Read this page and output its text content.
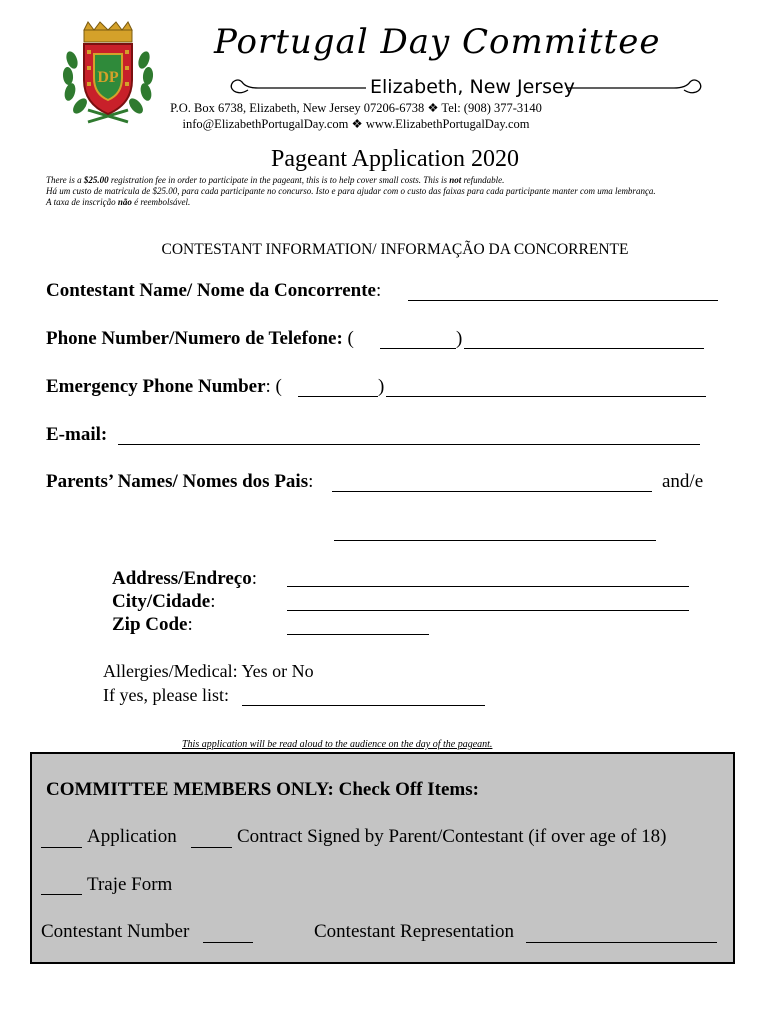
DP
Portugal Day Committee
Elizabeth, New Jersey
P.O. Box 6738, Elizabeth, New Jersey 07206-6738 ❖ Tel: (908) 377-3140
info@ElizabethPortugalDay.com ❖ www.ElizabethPortugalDay.com
Pageant Application 2020
There is a $25.00 registration fee in order to participate in the pageant, this is to help cover small costs. This is not refundable.
Há um custo de matricula de $25.00, para cada participante no concurso. Isto e para ajudar com o custo das faixas para cada participante manter com uma lembrança.
A taxa de inscrição não é reembolsável.
CONTESTANT INFORMATION/ INFORMAÇÃO DA CONCORRENTE
Contestant Name/ Nome da Concorrente:
Phone Number/Numero de Telefone: (	)
Emergency Phone Number: (	)
E-mail:
Parents’ Names/ Nomes dos Pais:	and/e
Address/Endreço:
City/Cidade:
Zip Code:
Allergies/Medical: Yes or No
If yes, please list:
This application will be read aloud to the audience on the day of the pageant.
COMMITTEE MEMBERS ONLY: Check Off Items:
Application	Contract Signed by Parent/Contestant (if over age of 18)
Traje Form
Contestant Number	Contestant Representation
